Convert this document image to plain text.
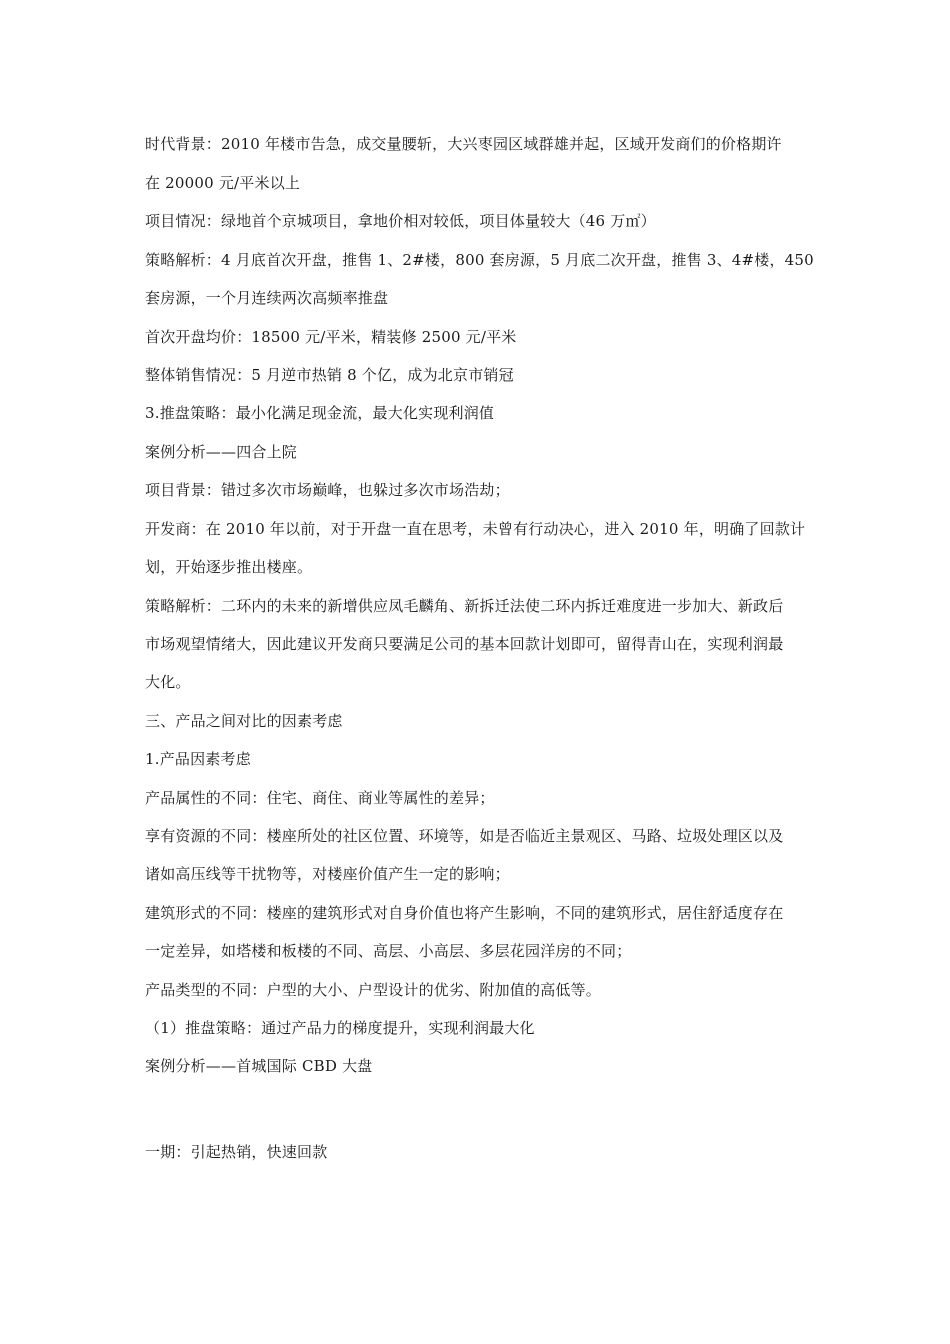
时代背景：2010 年楼市告急，成交量腰斩，大兴枣园区域群雄并起，区域开发商们的价格期许
在 20000 元/平米以上
项目情况：绿地首个京城项目，拿地价相对较低，项目体量较大（46 万㎡）
策略解析：4 月底首次开盘，推售 1、2#楼，800 套房源，5 月底二次开盘，推售 3、4#楼，450
套房源，一个月连续两次高频率推盘
首次开盘均价：18500 元/平米，精装修 2500 元/平米
整体销售情况：5 月逆市热销 8 个亿，成为北京市销冠
3.推盘策略：最小化满足现金流，最大化实现利润值
案例分析——四合上院
项目背景：错过多次市场巅峰，也躲过多次市场浩劫；
开发商：在 2010 年以前，对于开盘一直在思考，未曾有行动决心，进入 2010 年，明确了回款计
划，开始逐步推出楼座。
策略解析：二环内的未来的新增供应凤毛麟角、新拆迁法使二环内拆迁难度进一步加大、新政后
市场观望情绪大，因此建议开发商只要满足公司的基本回款计划即可，留得青山在，实现利润最
大化。
三、产品之间对比的因素考虑
1.产品因素考虑
产品属性的不同：住宅、商住、商业等属性的差异；
享有资源的不同：楼座所处的社区位置、环境等，如是否临近主景观区、马路、垃圾处理区以及
诸如高压线等干扰物等，对楼座价值产生一定的影响；
建筑形式的不同：楼座的建筑形式对自身价值也将产生影响，不同的建筑形式，居住舒适度存在
一定差异，如塔楼和板楼的不同、高层、小高层、多层花园洋房的不同；
产品类型的不同：户型的大小、户型设计的优劣、附加值的高低等。
（1）推盘策略：通过产品力的梯度提升，实现利润最大化
案例分析——首城国际 CBD 大盘
一期：引起热销，快速回款
